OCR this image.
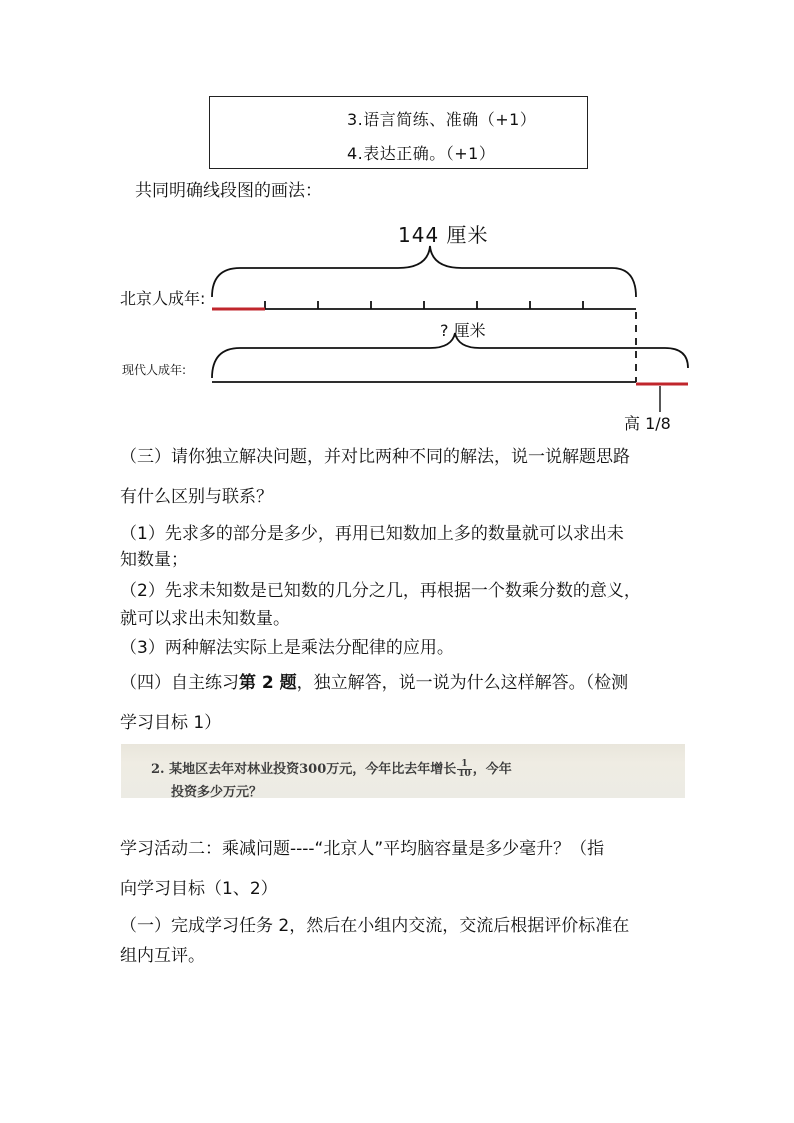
3.语言简练、准确（+1）
4.表达正确。（+1）
共同明确线段图的画法：
144 厘米
北京人成年:
? 厘米
现代人成年:
高 1/8
（三）请你独立解决问题，并对比两种不同的解法，说一说解题思路
有什么区别与联系？
（1）先求多的部分是多少，再用已知数加上多的数量就可以求出未
知数量；
（2）先求未知数是已知数的几分之几，再根据一个数乘分数的意义，
就可以求出未知数量。
（3）两种解法实际上是乘法分配律的应用。
（四）自主练习第 2 题，独立解答，说一说为什么这样解答。（检测
学习目标 1）
2. 某地区去年对林业投资300万元，今年比去年增长 $\frac{1}{10}$ ，今年
投资多少万元？
学习活动二：乘减问题----“北京人”平均脑容量是多少毫升？（指
向学习目标（1、2）
（一）完成学习任务 2，然后在小组内交流，交流后根据评价标准在
组内互评。
